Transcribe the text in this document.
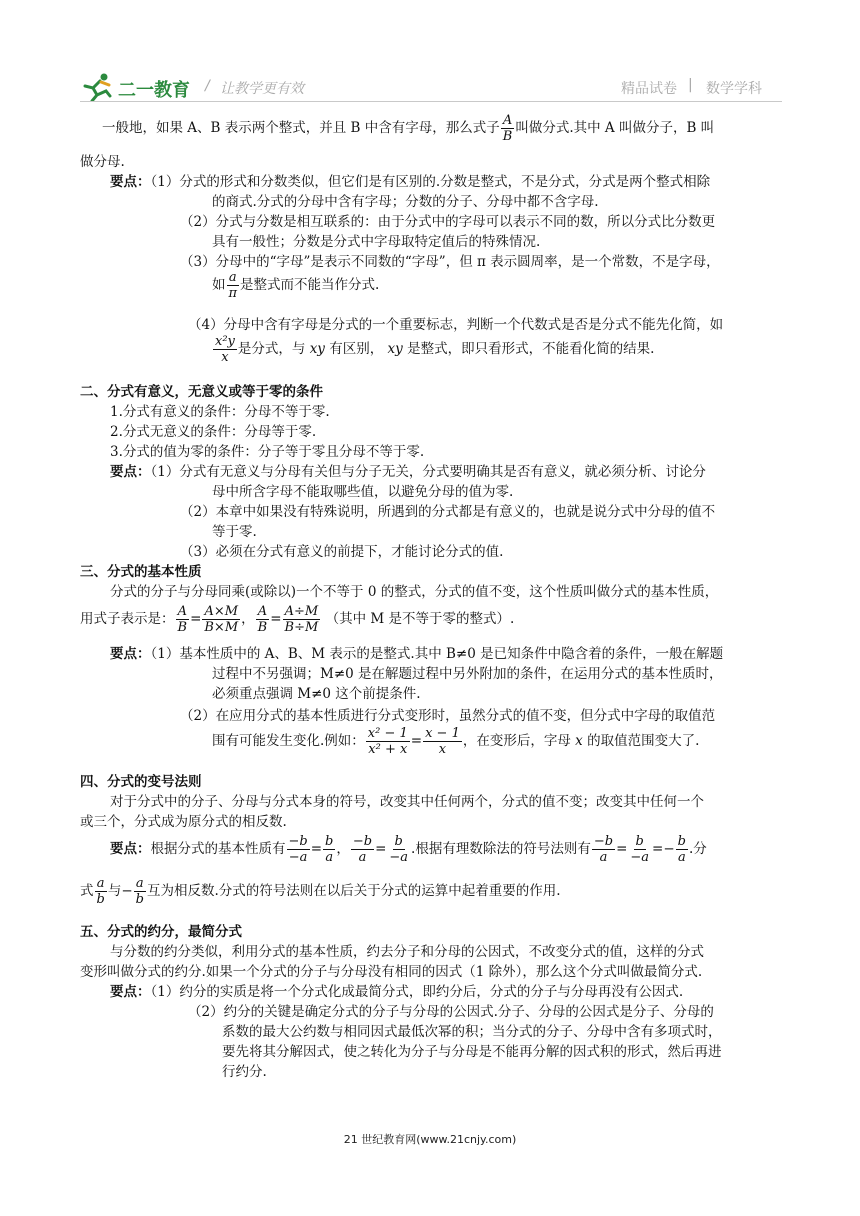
二一教育 / 让教学更有效	精品试卷 | 数学学科
一般地，如果 A、B 表示两个整式，并且 B 中含有字母，那么式子 $\frac{A}{B}$ 叫做分式.其中 A 叫做分子，B 叫
做分母.
要点：（1）分式的形式和分数类似，但它们是有区别的.分数是整式，不是分式，分式是两个整式相除
的商式.分式的分母中含有字母；分数的分子、分母中都不含字母.
（2）分式与分数是相互联系的：由于分式中的字母可以表示不同的数，所以分式比分数更
具有一般性；分数是分式中字母取特定值后的特殊情况.
（3）分母中的“字母”是表示不同数的“字母”，但 π 表示圆周率，是一个常数，不是字母，
如 $\frac{a}{\pi}$ 是整式而不能当作分式.
（4）分母中含有字母是分式的一个重要标志，判断一个代数式是否是分式不能先化简，如
$\frac{\text{x²y}}{x}$ 是分式，与 xy 有区别， xy 是整式，即只看形式，不能看化简的结果.
二、分式有意义，无意义或等于零的条件
1.分式有意义的条件：分母不等于零.
2.分式无意义的条件：分母等于零.
3.分式的值为零的条件：分子等于零且分母不等于零.
要点：（1）分式有无意义与分母有关但与分子无关，分式要明确其是否有意义，就必须分析、讨论分
母中所含字母不能取哪些值，以避免分母的值为零.
（2）本章中如果没有特殊说明，所遇到的分式都是有意义的，也就是说分式中分母的值不
等于零.
（3）必须在分式有意义的前提下，才能讨论分式的值.
三、分式的基本性质
分式的分子与分母同乘(或除以)一个不等于 0 的整式，分式的值不变，这个性质叫做分式的基本性质，
用式子表示是： $\frac{A}{B} = \frac{A\times M}{B\times M}$ ， $\frac{A}{B} = \frac{A\div M}{B\div M}$ （其中 M 是不等于零的整式）.
要点：（1）基本性质中的 A、B、M 表示的是整式.其中 B≠0 是已知条件中隐含着的条件，一般在解题
过程中不另强调；M≠0 是在解题过程中另外附加的条件，在运用分式的基本性质时，
必须重点强调 M≠0 这个前提条件.
（2）在应用分式的基本性质进行分式变形时，虽然分式的值不变，但分式中字母的取值范
围有可能发生变化.例如： $\frac{\text{x² − 1}}{\text{x² + x}} = \frac{x - 1}{x}$ ，在变形后，字母 x 的取值范围变大了.
四、分式的变号法则
对于分式中的分子、分母与分式本身的符号，改变其中任何两个，分式的值不变；改变其中任何一个
或三个，分式成为原分式的相反数.
要点：根据分式的基本性质有 $\frac{-b}{-a} = \frac{b}{a}$ ， $\frac{-b}{a} = \frac{b}{-a}$ .根据有理数除法的符号法则有 $\frac{-b}{a} = \frac{b}{-a} =- \frac{b}{a}$ .分
式 $\frac{a}{b}$ 与− $\frac{a}{b}$ 互为相反数.分式的符号法则在以后关于分式的运算中起着重要的作用.
五、分式的约分，最简分式
与分数的约分类似，利用分式的基本性质，约去分子和分母的公因式，不改变分式的值，这样的分式
变形叫做分式的约分.如果一个分式的分子与分母没有相同的因式（1 除外），那么这个分式叫做最简分式.
要点：（1）约分的实质是将一个分式化成最简分式，即约分后，分式的分子与分母再没有公因式.
（2）约分的关键是确定分式的分子与分母的公因式.分子、分母的公因式是分子、分母的
系数的最大公约数与相同因式最低次幂的积；当分式的分子、分母中含有多项式时，
要先将其分解因式，使之转化为分子与分母是不能再分解的因式积的形式，然后再进
行约分.
21 世纪教育网(www.21cnjy.com)
